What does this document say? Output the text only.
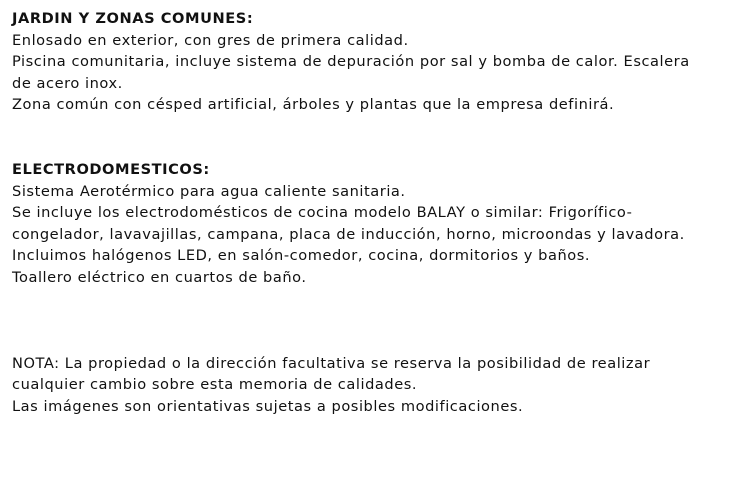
JARDIN Y ZONAS COMUNES:

Enlosado en exterior, con gres de primera calidad.

Piscina comunitaria, incluye sistema de depuración por sal y bomba de calor. Escalera

de acero inox.

Zona común con césped artificial, árboles y plantas que la empresa definirá.

ELECTRODOMESTICOS:

Sistema Aerotérmico para agua caliente sanitaria.

Se incluye los electrodomésticos de cocina modelo BALAY o similar: Frigorífico-

congelador, lavavajillas, campana, placa de inducción, horno, microondas y lavadora.

Incluimos halógenos LED, en salón-comedor, cocina, dormitorios y baños.

Toallero eléctrico en cuartos de baño.

NOTA: La propiedad o la dirección facultativa se reserva la posibilidad de realizar

cualquier cambio sobre esta memoria de calidades.

Las imágenes son orientativas sujetas a posibles modificaciones.
